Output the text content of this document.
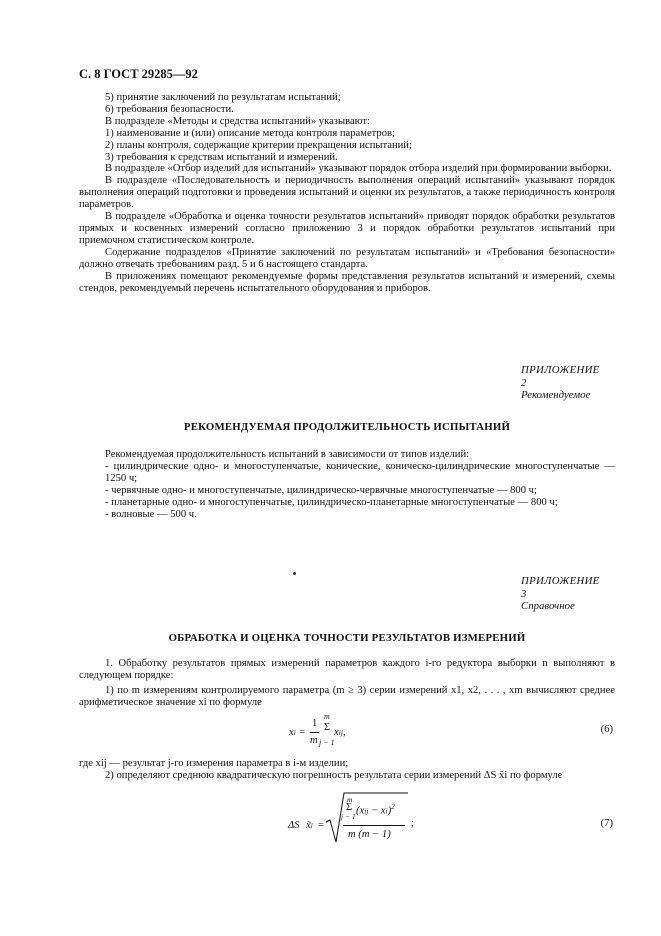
С. 8 ГОСТ 29285—92

5) принятие заключений по результатам испытаний;

6) требования безопасности.

В подразделе «Методы и средства испытаний» указывают:

1) наименование и (или) описание метода контроля параметров;

2) планы контроля, содержащие критерии прекращения испытаний;

3) требования к средствам испытаний и измерений.

В подразделе «Отбор изделий для испытаний» указывают порядок отбора изделий при формировании выборки.

В подразделе «Последовательность и периодичность выполнения операций испытаний» указывают порядок выполнения операций подготовки и проведения испытаний и оценки их результатов, а также периодичность контроля параметров.

В подразделе «Обработка и оценка точности результатов испытаний» приводят порядок обработки результатов прямых и косвенных измерений согласно приложению 3 и порядок обработки результатов испытаний при приемочном статистическом контроле.

Содержание подразделов «Принятие заключений по результатам испытаний» и «Требования безопасности» должно отвечать требованиям разд. 5 и 6 настоящего стандарта.

В приложениях помещают рекомендуемые формы представления результатов испытаний и измерений, схемы стендов, рекомендуемый перечень испытательного оборудования и приборов.

ПРИЛОЖЕНИЕ 2
Рекомендуемое
РЕКОМЕНДУЕМАЯ ПРОДОЛЖИТЕЛЬНОСТЬ ИСПЫТАНИЙ

Рекомендуемая продолжительность испытаний в зависимости от типов изделий:

- цилиндрические одно- и многоступенчатые, конические, коническо-цилиндрические многоступенчатые — 1250 ч;

- червячные одно- и многоступенчатые, цилиндрическо-червячные многоступенчатые — 800 ч;

- планетарные одно- и многоступенчатые, цилиндрическо-планетарные многоступенчатые — 800 ч;

- волновые — 500 ч.

ПРИЛОЖЕНИЕ 3
Справочное
ОБРАБОТКА И ОЦЕНКА ТОЧНОСТИ РЕЗУЛЬТАТОВ ИЗМЕРЕНИЙ

1. Обработку результатов прямых измерений параметров каждого i-го редуктора выборки n выполняют в следующем порядке:

1) по m измерениям контролируемого параметра (m ≥ 3) серии измерений x1, x2, . . . , xm вычисляют среднее арифметическое значение xi по формуле

xi =
1
m
m
Σ xij,
j − 1
(6)

где xij — результат j-го измерения параметра в i-м изделии;

2) определяют среднюю квадратическую погрешность результата серии измерений ΔS x̃i по формуле

ΔS x̃i =
m
Σ (xij − xi)$^2$
j − 1
m (m − 1)
;	(7)
